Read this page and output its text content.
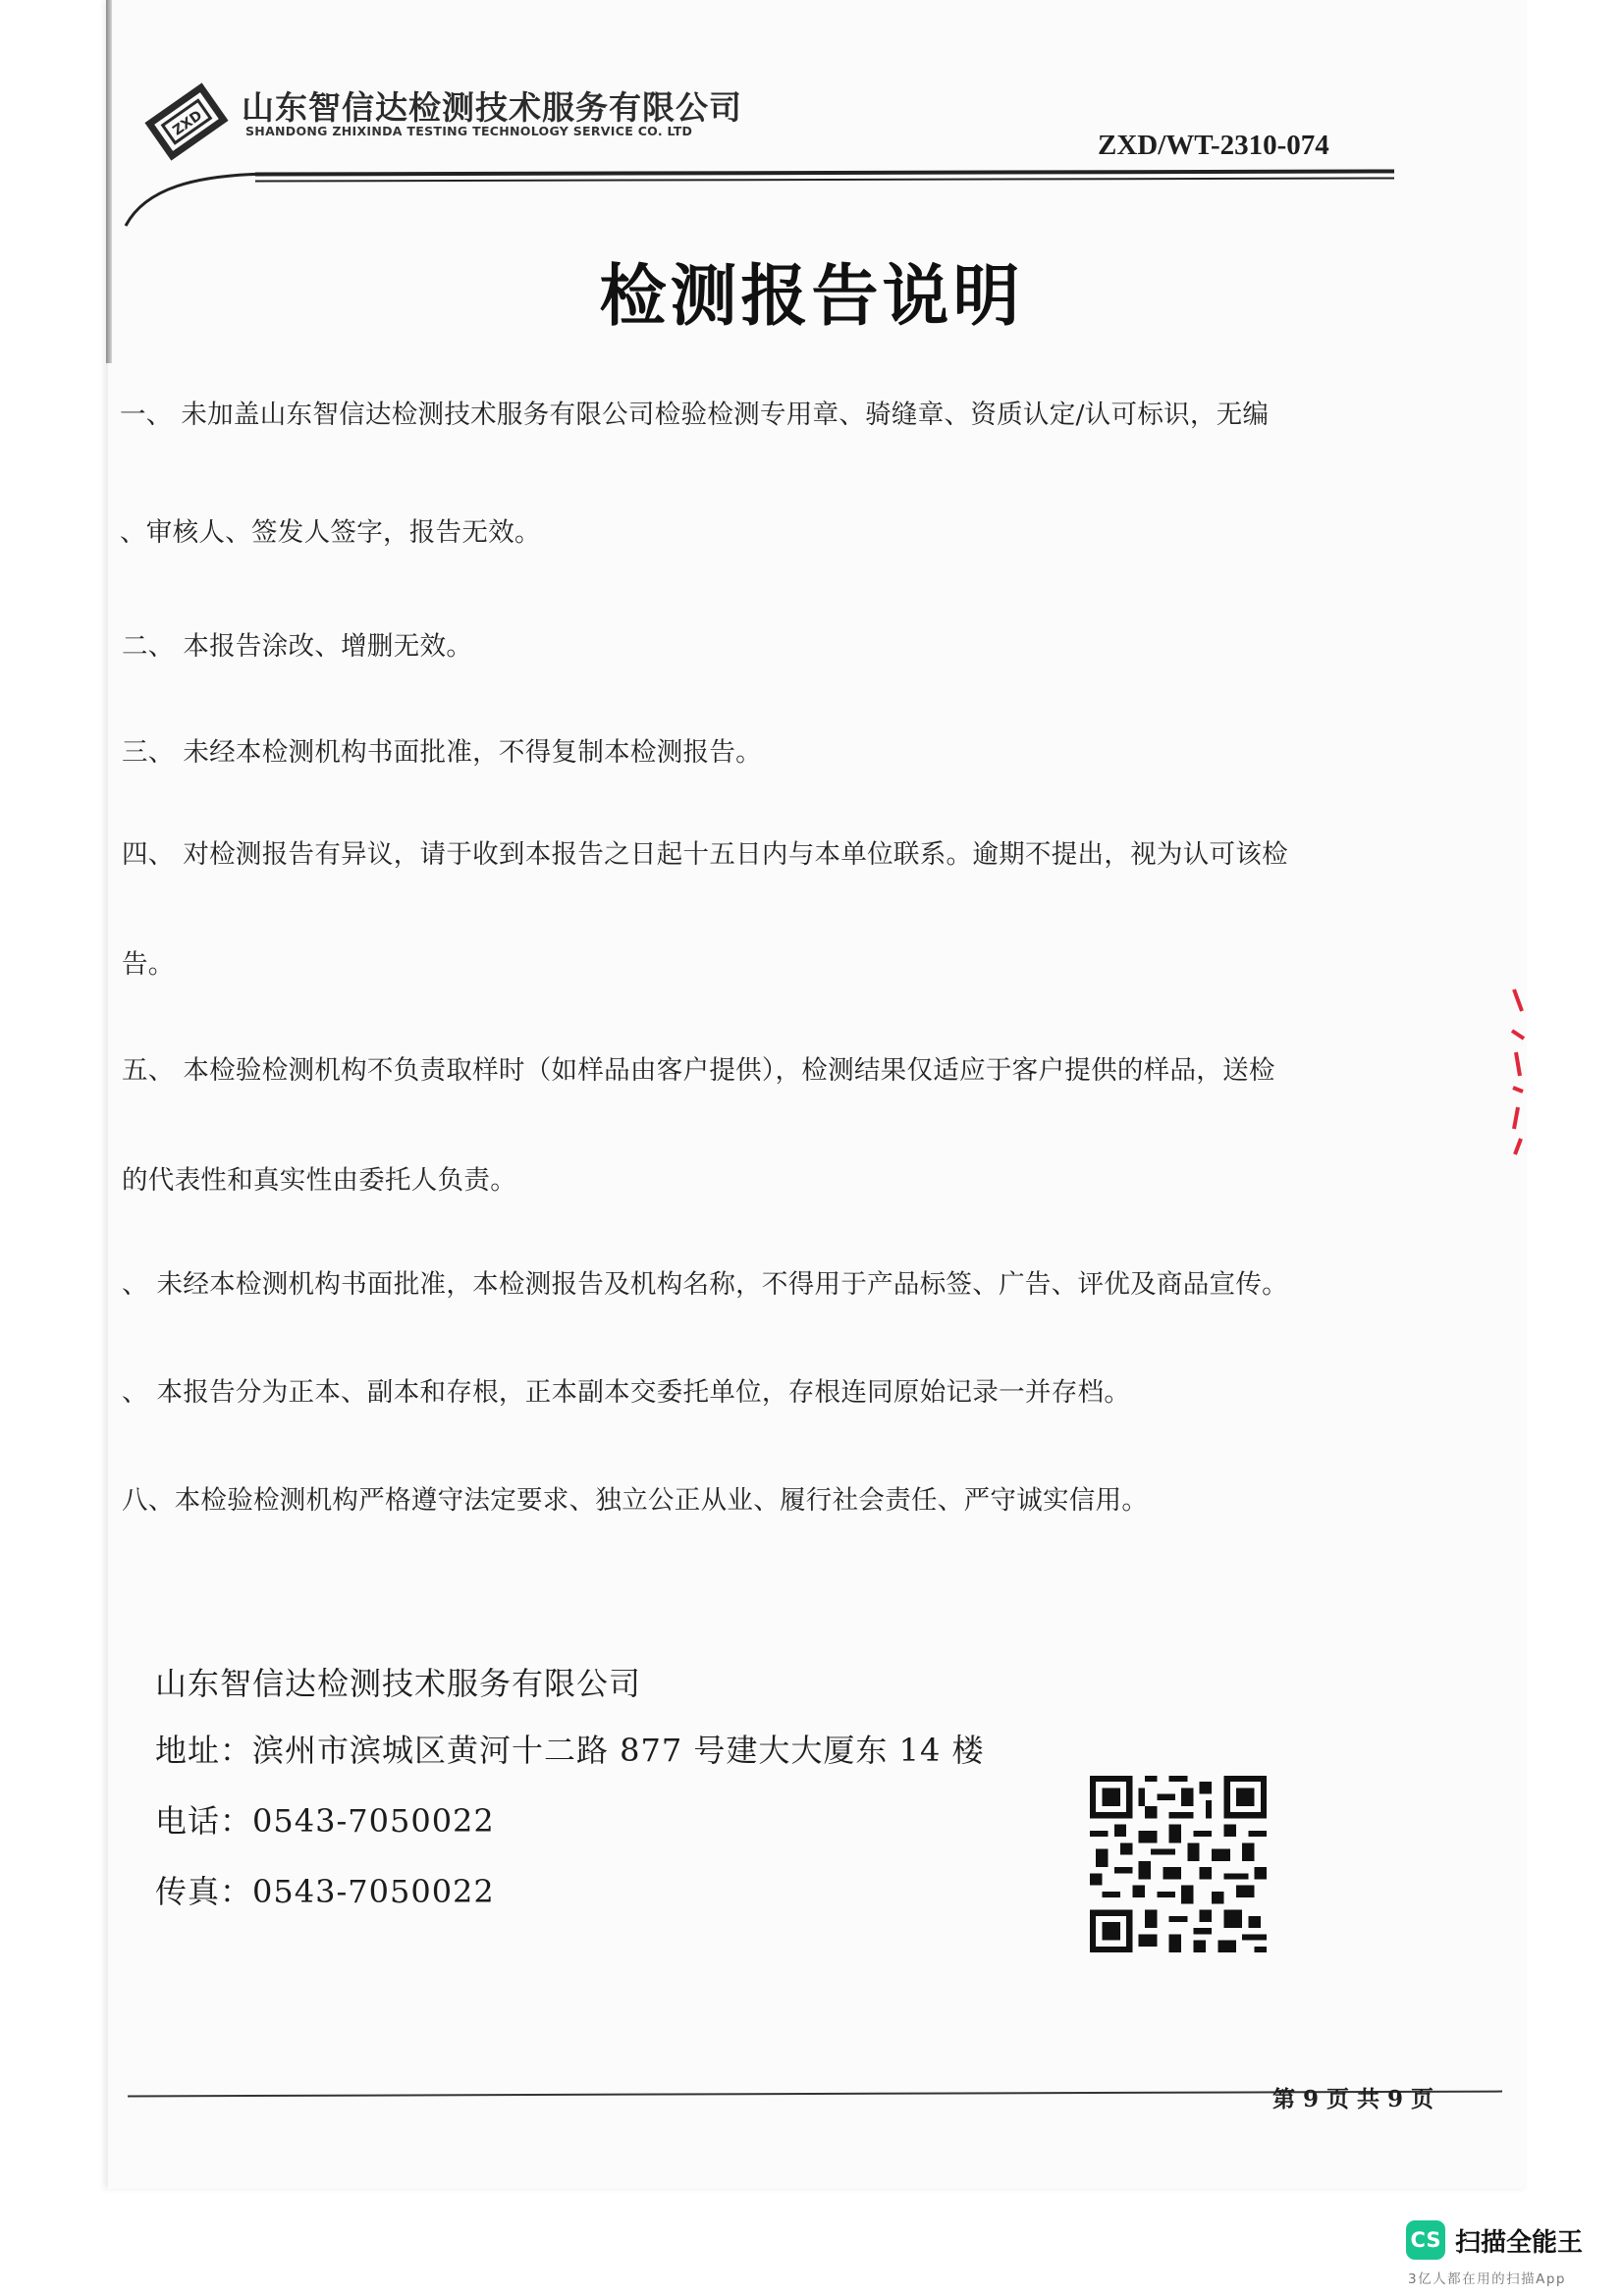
ZXD 山东智信达检测技术服务有限公司
SHANDONG ZHIXINDA TESTING TECHNOLOGY SERVICE CO. LTD	ZXD/WT-2310-074
检测报告说明
一、 未加盖山东智信达检测技术服务有限公司检验检测专用章、骑缝章、资质认定/认可标识，无编
、审核人、签发人签字，报告无效。
二、 本报告涂改、增删无效。
三、 未经本检测机构书面批准，不得复制本检测报告。
四、 对检测报告有异议，请于收到本报告之日起十五日内与本单位联系。逾期不提出，视为认可该检
告。
五、 本检验检测机构不负责取样时（如样品由客户提供），检测结果仅适应于客户提供的样品，送检
的代表性和真实性由委托人负责。
、 未经本检测机构书面批准，本检测报告及机构名称，不得用于产品标签、广告、评优及商品宣传。
、 本报告分为正本、副本和存根，正本副本交委托单位，存根连同原始记录一并存档。
八、本检验检测机构严格遵守法定要求、独立公正从业、履行社会责任、严守诚实信用。
山东智信达检测技术服务有限公司
地址：滨州市滨城区黄河十二路 877 号建大大厦东 14 楼
电话：0543-7050022
传真：0543-7050022
第 9 页 共 9 页
CS 扫描全能王
3亿人都在用的扫描App
